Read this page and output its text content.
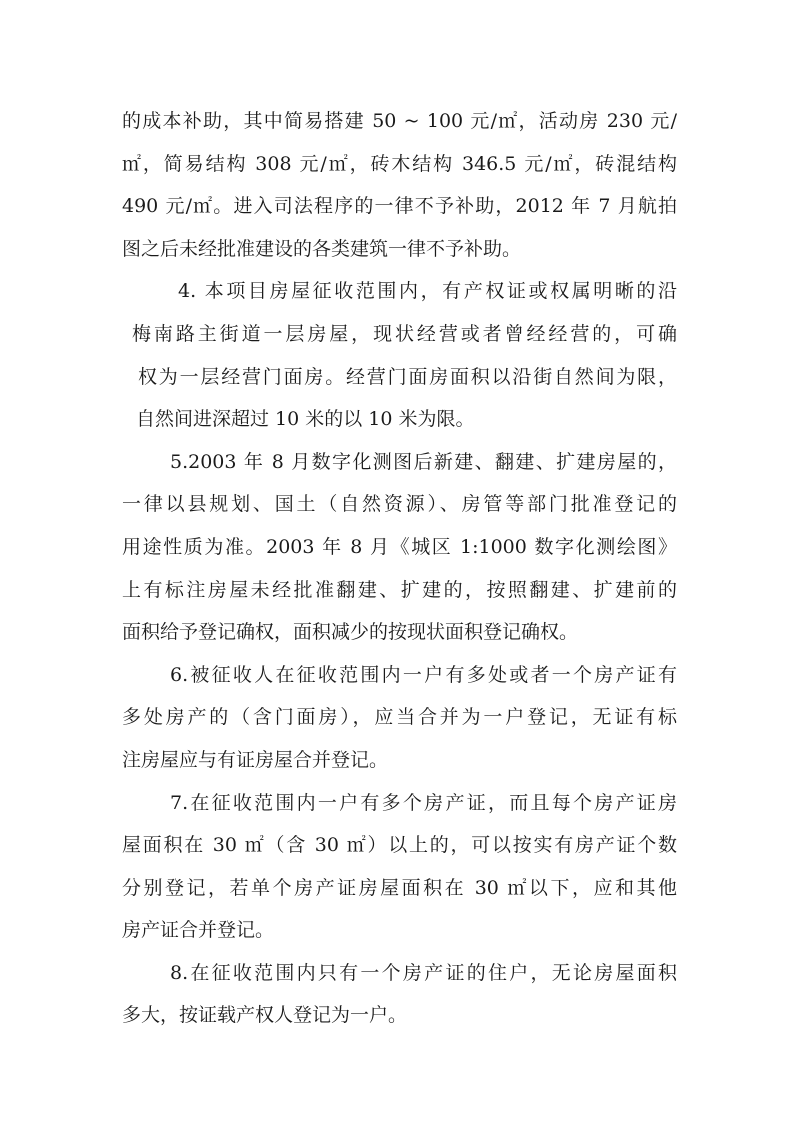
的成本补助，其中简易搭建 50 ~ 100 元/㎡，活动房 230 元/
㎡，简易结构 308 元/㎡，砖木结构 346.5 元/㎡，砖混结构
490 元/㎡。进入司法程序的一律不予补助，2012 年 7 月航拍
图之后未经批准建设的各类建筑一律不予补助。
4. 本项目房屋征收范围内，有产权证或权属明晰的沿
梅南路主街道一层房屋，现状经营或者曾经经营的，可确
权为一层经营门面房。经营门面房面积以沿街自然间为限，
自然间进深超过 10 米的以 10 米为限。
5.2003 年 8 月数字化测图后新建、翻建、扩建房屋的，
一律以县规划、国土（自然资源）、房管等部门批准登记的
用途性质为准。2003 年 8 月《城区 1:1000 数字化测绘图》
上有标注房屋未经批准翻建、扩建的，按照翻建、扩建前的
面积给予登记确权，面积减少的按现状面积登记确权。
6.被征收人在征收范围内一户有多处或者一个房产证有
多处房产的（含门面房），应当合并为一户登记，无证有标
注房屋应与有证房屋合并登记。
7.在征收范围内一户有多个房产证，而且每个房产证房
屋面积在 30 ㎡（含 30 ㎡）以上的，可以按实有房产证个数
分别登记，若单个房产证房屋面积在 30 ㎡以下，应和其他
房产证合并登记。
8.在征收范围内只有一个房产证的住户，无论房屋面积
多大，按证载产权人登记为一户。
